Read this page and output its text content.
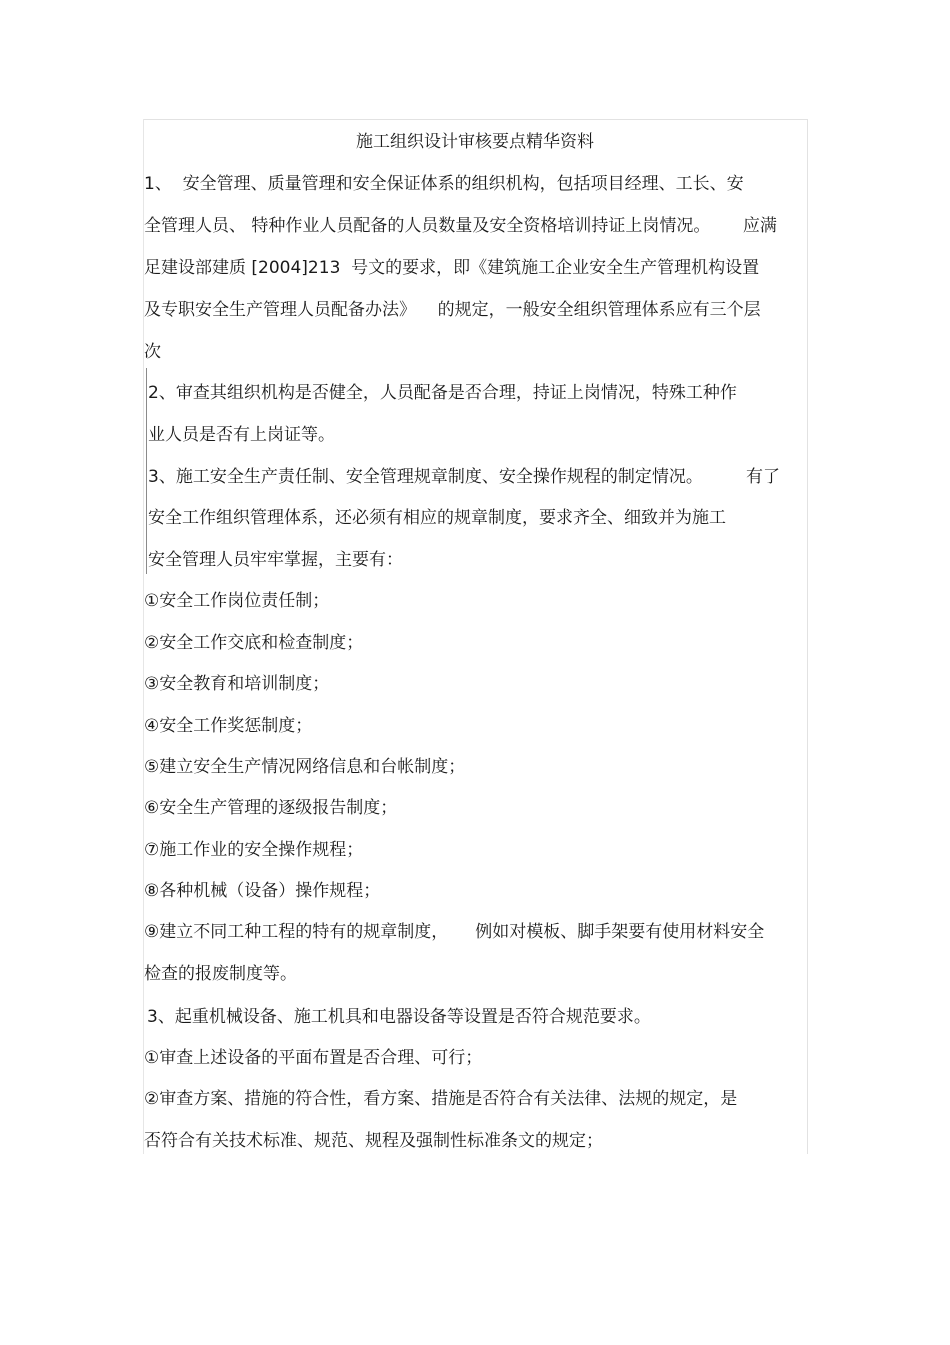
施工组织设计审核要点精华资料

1、  安全管理、质量管理和安全保证体系的组织机构，包括项目经理、工长、安

全管理人员、 特种作业人员配备的人员数量及安全资格培训持证上岗情况。      应满

足建设部建质 [2004]213  号文的要求，即《建筑施工企业安全生产管理机构设置

及专职安全生产管理人员配备办法》    的规定，一般安全组织管理体系应有三个层

次

2、审查其组织机构是否健全，人员配备是否合理，持证上岗情况，特殊工种作

业人员是否有上岗证等。

3、施工安全生产责任制、安全管理规章制度、安全操作规程的制定情况。        有了

安全工作组织管理体系，还必须有相应的规章制度，要求齐全、细致并为施工

安全管理人员牢牢掌握，主要有：

①安全工作岗位责任制；

②安全工作交底和检查制度；

③安全教育和培训制度；

④安全工作奖惩制度；

⑤建立安全生产情况网络信息和台帐制度；

⑥安全生产管理的逐级报告制度；

⑦施工作业的安全操作规程；

⑧各种机械（设备）操作规程；

⑨建立不同工种工程的特有的规章制度，     例如对模板、脚手架要有使用材料安全

检查的报废制度等。

3、起重机械设备、施工机具和电器设备等设置是否符合规范要求。

①审查上述设备的平面布置是否合理、可行；

②审查方案、措施的符合性，看方案、措施是否符合有关法律、法规的规定，是

否符合有关技术标准、规范、规程及强制性标准条文的规定；
